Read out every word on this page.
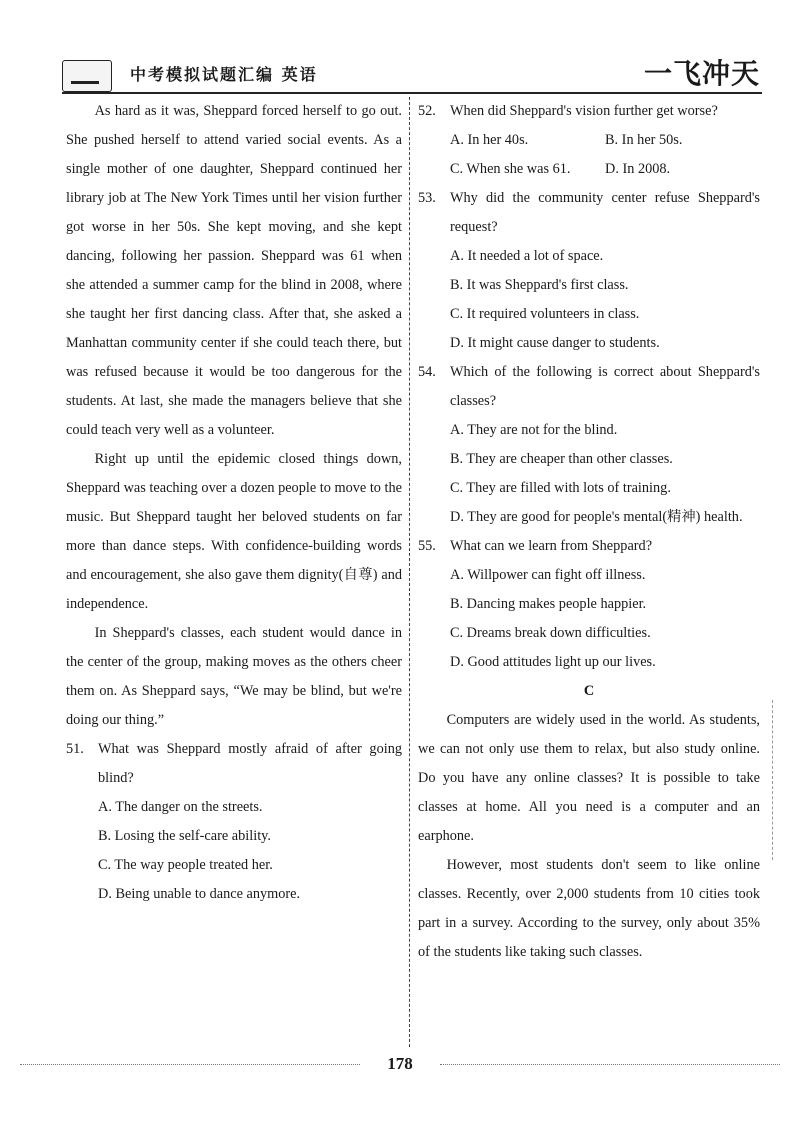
中考模拟试题汇编 英语	一飞冲天

As hard as it was, Sheppard forced herself to go out. She pushed herself to attend varied social events. As a single mother of one daughter, Sheppard continued her library job at The New York Times until her vision further got worse in her 50s. She kept moving, and she kept dancing, following her passion. Sheppard was 61 when she attended a summer camp for the blind in 2008, where she taught her first dancing class. After that, she asked a Manhattan community center if she could teach there, but was refused because it would be too dangerous for the students. At last, she made the managers believe that she could teach very well as a volunteer.

Right up until the epidemic closed things down, Sheppard was teaching over a dozen people to move to the music. But Sheppard taught her beloved students on far more than dance steps. With confidence-building words and encouragement, she also gave them dignity(自尊) and independence.

In Sheppard's classes, each student would dance in the center of the group, making moves as the others cheer them on. As Sheppard says, “We may be blind, but we're doing our thing.”

51. What was Sheppard mostly afraid of after going blind?
A. The danger on the streets.
B. Losing the self-care ability.
C. The way people treated her.
D. Being unable to dance anymore.
52. When did Sheppard's vision further get worse?
A. In her 40s.	B. In her 50s.
C. When she was 61.	D. In 2008.
53. Why did the community center refuse Sheppard's request?
A. It needed a lot of space.
B. It was Sheppard's first class.
C. It required volunteers in class.
D. It might cause danger to students.
54. Which of the following is correct about Sheppard's classes?
A. They are not for the blind.
B. They are cheaper than other classes.
C. They are filled with lots of training.
D. They are good for people's mental(精神) health.
55. What can we learn from Sheppard?
A. Willpower can fight off illness.
B. Dancing makes people happier.
C. Dreams break down difficulties.
D. Good attitudes light up our lives.
C

Computers are widely used in the world. As students, we can not only use them to relax, but also study online. Do you have any online classes? It is possible to take classes at home. All you need is a computer and an earphone.

However, most students don't seem to like online classes. Recently, over 2,000 students from 10 cities took part in a survey. According to the survey, only about 35% of the students like taking such classes.

178
